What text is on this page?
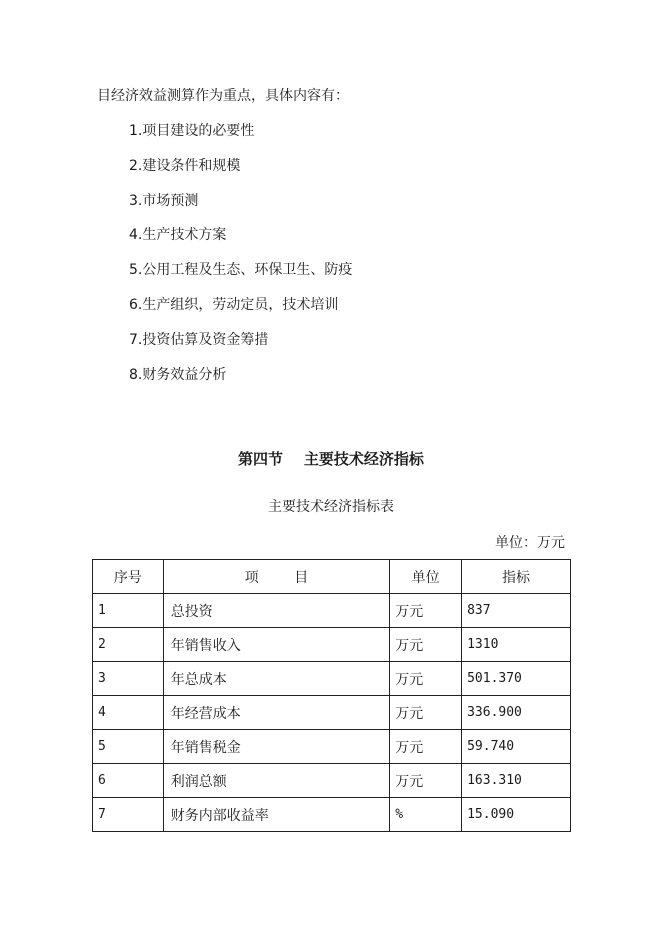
目经济效益测算作为重点，具体内容有：
1.项目建设的必要性
2.建设条件和规模
3.市场预测
4.生产技术方案
5.公用工程及生态、环保卫生、防疫
6.生产组织，劳动定员，技术培训
7.投资估算及资金筹措
8.财务效益分析
第四节    主要技术经济指标
主要技术经济指标表
单位：万元
序号	项        目	单位	指标
1	总投资	万元	837
2	年销售收入	万元	1310
3	年总成本	万元	501.370
4	年经营成本	万元	336.900
5	年销售税金	万元	59.740
6	利润总额	万元	163.310
7	财务内部收益率	%	15.090
